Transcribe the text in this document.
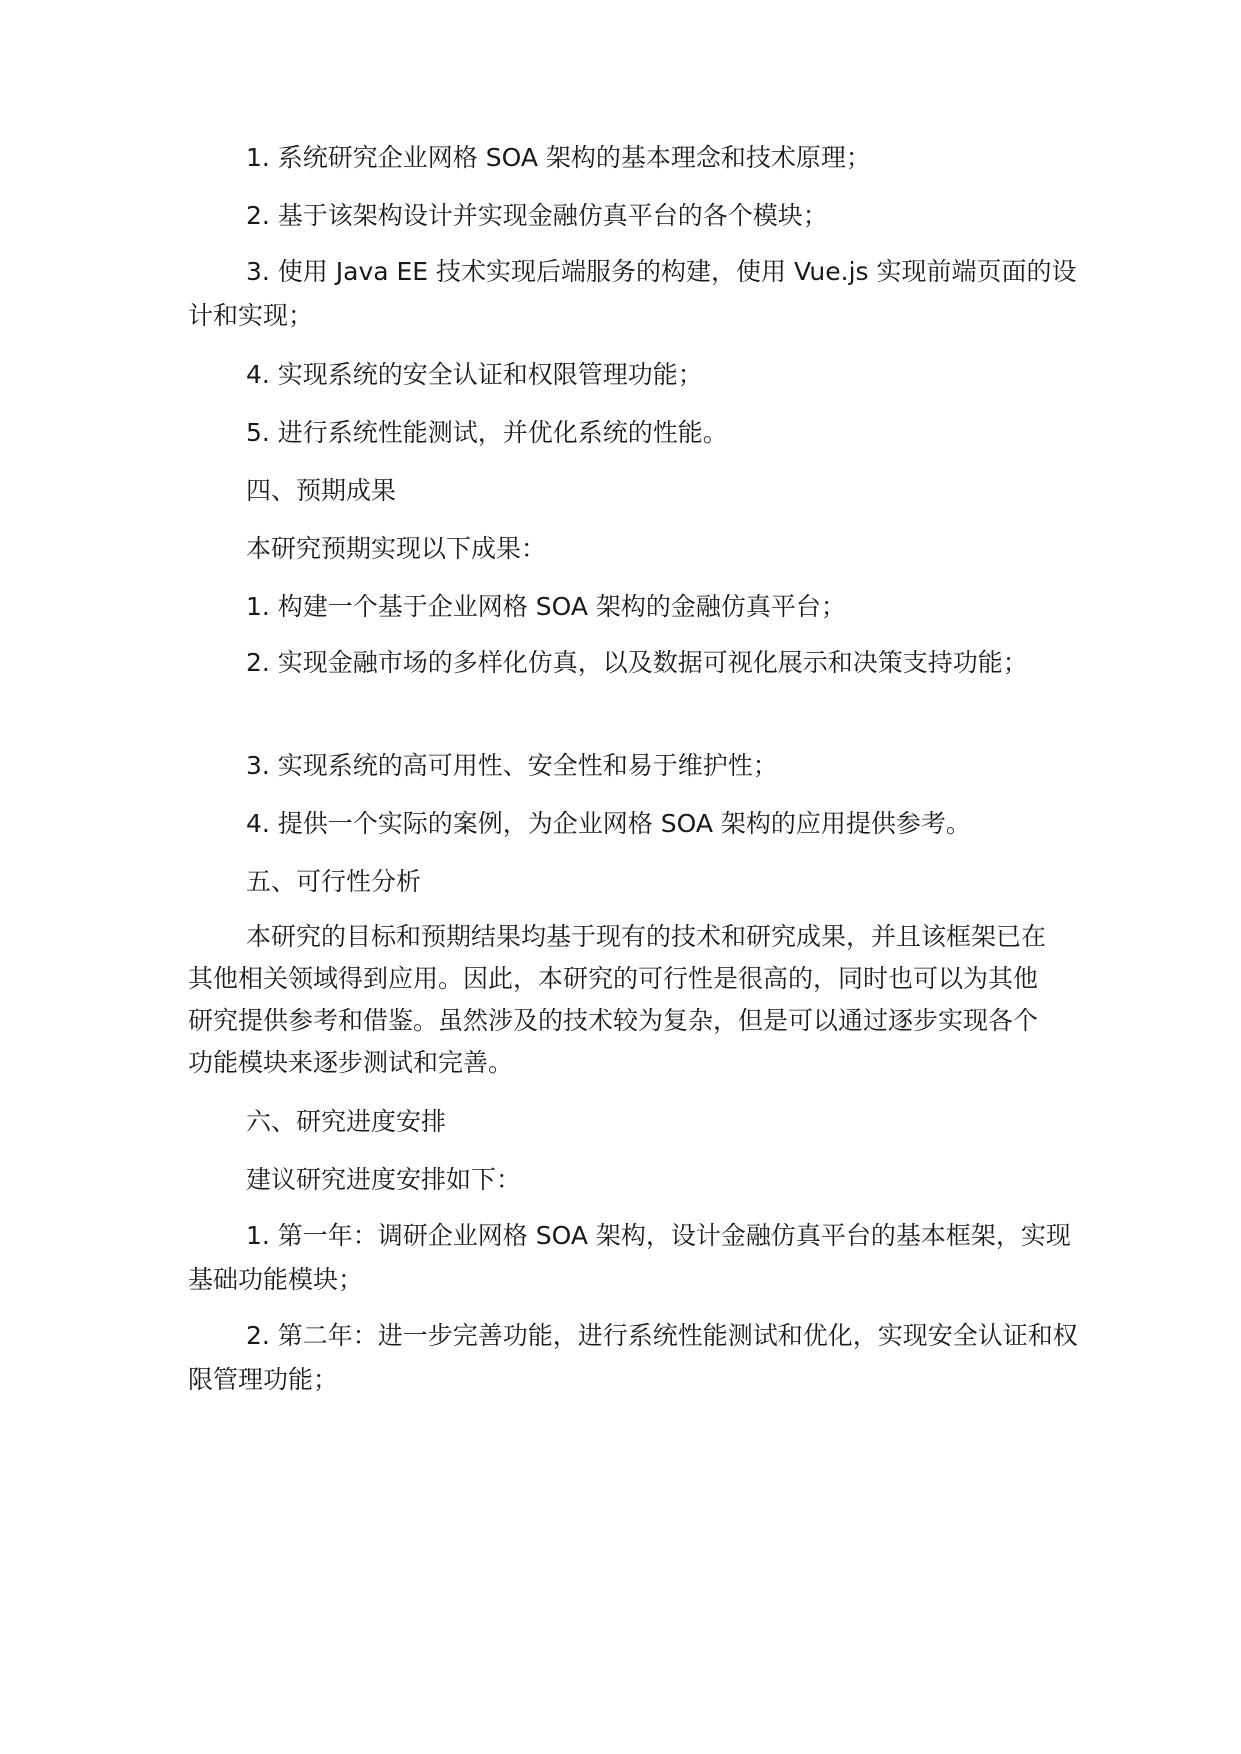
1. 系统研究企业网格 SOA 架构的基本理念和技术原理；

2. 基于该架构设计并实现金融仿真平台的各个模块；

3. 使用 Java EE 技术实现后端服务的构建，使用 Vue.js 实现前端页面的设计和实现；

4. 实现系统的安全认证和权限管理功能；

5. 进行系统性能测试，并优化系统的性能。

四、预期成果

本研究预期实现以下成果：

1. 构建一个基于企业网格 SOA 架构的金融仿真平台；

2. 实现金融市场的多样化仿真，以及数据可视化展示和决策支持功能；

3. 实现系统的高可用性、安全性和易于维护性；

4. 提供一个实际的案例，为企业网格 SOA 架构的应用提供参考。

五、可行性分析

本研究的目标和预期结果均基于现有的技术和研究成果，并且该框架已在其他相关领域得到应用。因此，本研究的可行性是很高的，同时也可以为其他研究提供参考和借鉴。虽然涉及的技术较为复杂，但是可以通过逐步实现各个功能模块来逐步测试和完善。

六、研究进度安排

建议研究进度安排如下：

1. 第一年：调研企业网格 SOA 架构，设计金融仿真平台的基本框架，实现基础功能模块；

2. 第二年：进一步完善功能，进行系统性能测试和优化，实现安全认证和权限管理功能；
